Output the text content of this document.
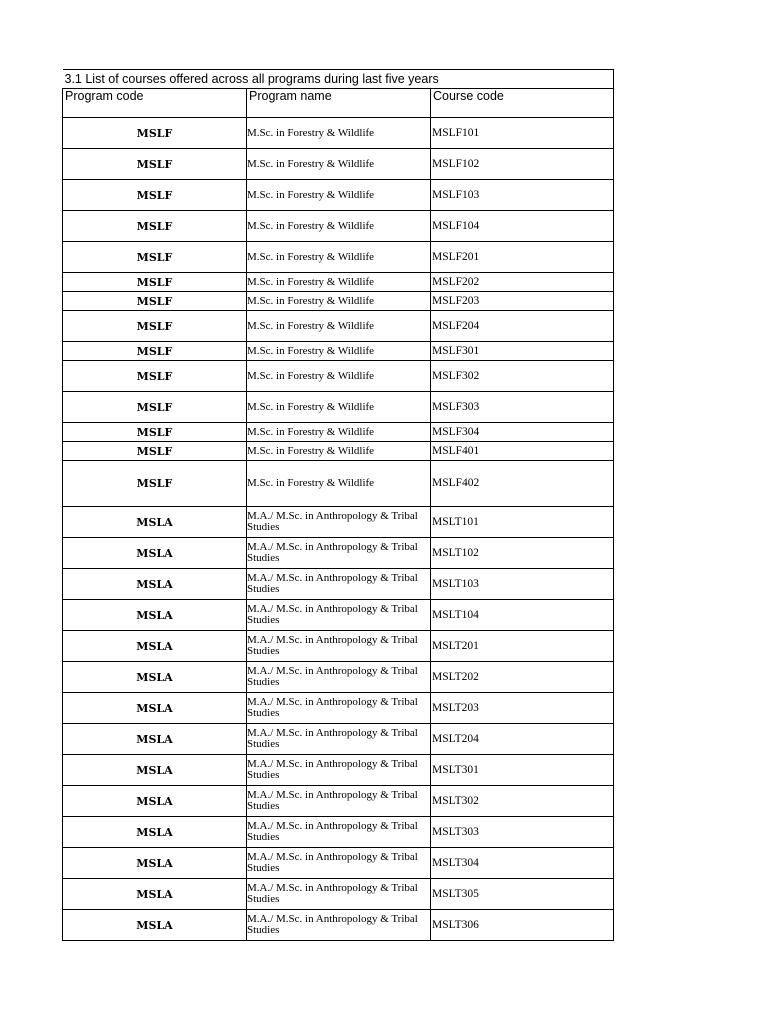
3.1 List of courses offered across all programs during last five years		
Program code	Program name	Course code
MSLF	M.Sc. in Forestry & Wildlife	MSLF101
MSLF	M.Sc. in Forestry & Wildlife	MSLF102
MSLF	M.Sc. in Forestry & Wildlife	MSLF103
MSLF	M.Sc. in Forestry & Wildlife	MSLF104
MSLF	M.Sc. in Forestry & Wildlife	MSLF201
MSLF	M.Sc. in Forestry & Wildlife	MSLF202
MSLF	M.Sc. in Forestry & Wildlife	MSLF203
MSLF	M.Sc. in Forestry & Wildlife	MSLF204
MSLF	M.Sc. in Forestry & Wildlife	MSLF301
MSLF	M.Sc. in Forestry & Wildlife	MSLF302
MSLF	M.Sc. in Forestry & Wildlife	MSLF303
MSLF	M.Sc. in Forestry & Wildlife	MSLF304
MSLF	M.Sc. in Forestry & Wildlife	MSLF401
MSLF	M.Sc. in Forestry & Wildlife	MSLF402
MSLA	M.A./ M.Sc. in Anthropology & Tribal Studies	MSLT101
MSLA	M.A./ M.Sc. in Anthropology & Tribal Studies	MSLT102
MSLA	M.A./ M.Sc. in Anthropology & Tribal Studies	MSLT103
MSLA	M.A./ M.Sc. in Anthropology & Tribal Studies	MSLT104
MSLA	M.A./ M.Sc. in Anthropology & Tribal Studies	MSLT201
MSLA	M.A./ M.Sc. in Anthropology & Tribal Studies	MSLT202
MSLA	M.A./ M.Sc. in Anthropology & Tribal Studies	MSLT203
MSLA	M.A./ M.Sc. in Anthropology & Tribal Studies	MSLT204
MSLA	M.A./ M.Sc. in Anthropology & Tribal Studies	MSLT301
MSLA	M.A./ M.Sc. in Anthropology & Tribal Studies	MSLT302
MSLA	M.A./ M.Sc. in Anthropology & Tribal Studies	MSLT303
MSLA	M.A./ M.Sc. in Anthropology & Tribal Studies	MSLT304
MSLA	M.A./ M.Sc. in Anthropology & Tribal Studies	MSLT305
MSLA	M.A./ M.Sc. in Anthropology & Tribal Studies	MSLT306
